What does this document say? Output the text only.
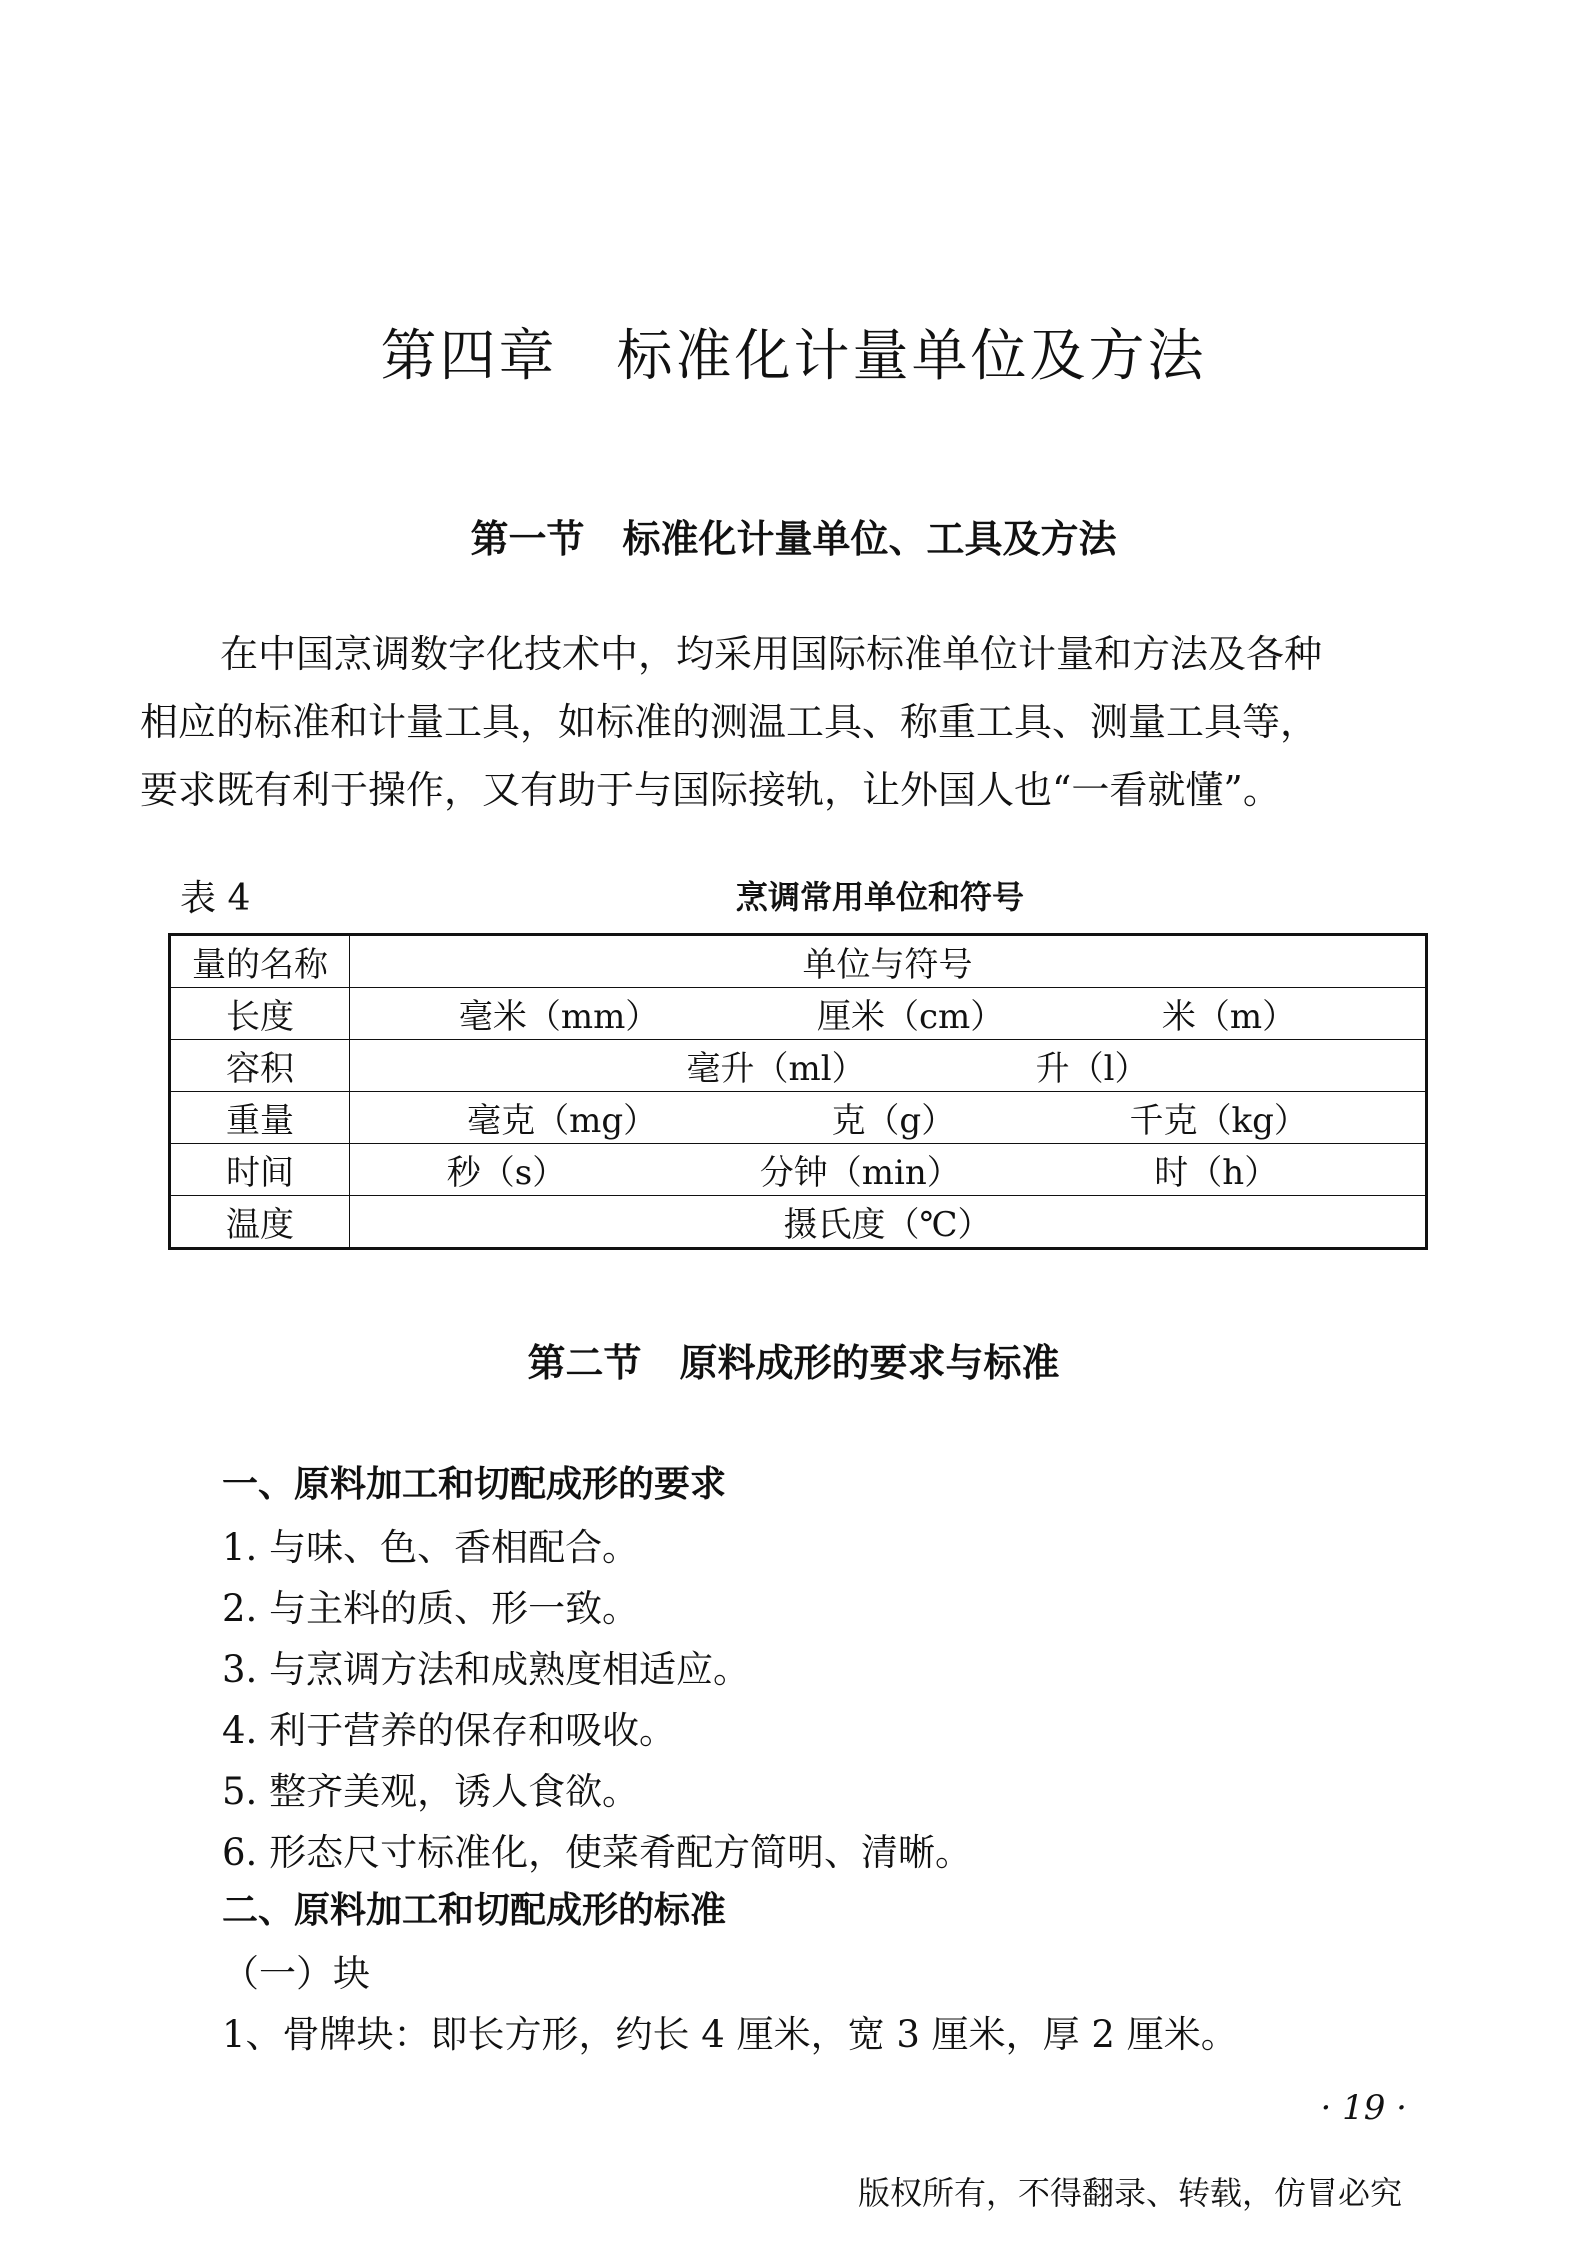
第四章　标准化计量单位及方法
第一节　标准化计量单位、工具及方法
在中国烹调数字化技术中，均采用国际标准单位计量和方法及各种
相应的标准和计量工具，如标准的测温工具、称重工具、测量工具等，
要求既有利于操作，又有助于与国际接轨，让外国人也“一看就懂”。
表 4	烹调常用单位和符号
量的名称	单位与符号
长度	毫米（mm） 厘米（cm） 米（m）

容积	毫升（ml） 升（l）

重量	毫克（mg） 克（g） 千克（kg）

时间	秒（s） 分钟（min） 时（h）

温度	摄氏度（℃）
第二节　原料成形的要求与标准
一、原料加工和切配成形的要求
1. 与味、色、香相配合。
2. 与主料的质、形一致。
3. 与烹调方法和成熟度相适应。
4. 利于营养的保存和吸收。
5. 整齐美观，诱人食欲。
6. 形态尺寸标准化，使菜肴配方简明、清晰。
二、原料加工和切配成形的标准
（一）块
1、骨牌块：即长方形，约长 4 厘米，宽 3 厘米，厚 2 厘米。
· 19 ·
版权所有，不得翻录、转载，仿冒必究
